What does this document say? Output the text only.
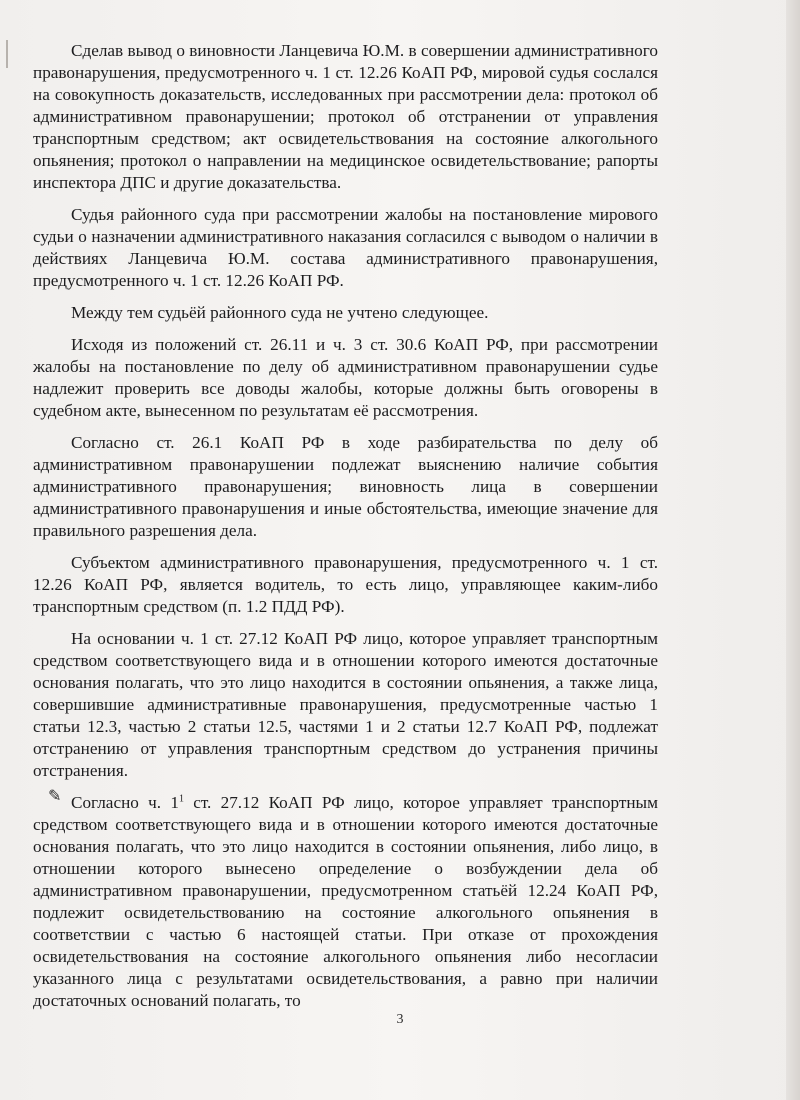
Сделав вывод о виновности Ланцевича Ю.М. в совершении административного правонарушения, предусмотренного ч. 1 ст. 12.26 КоАП РФ, мировой судья сослался на совокупность доказательств, исследованных при рассмотрении дела: протокол об административном правонарушении; протокол об отстранении от управления транспортным средством; акт освидетельствования на состояние алкогольного опьянения; протокол о направлении на медицинское освидетельствование; рапорты инспектора ДПС и другие доказательства.

Судья районного суда при рассмотрении жалобы на постановление мирового судьи о назначении административного наказания согласился с выводом о наличии в действиях Ланцевича Ю.М. состава административного правонарушения, предусмотренного ч. 1 ст. 12.26 КоАП РФ.

Между тем судьёй районного суда не учтено следующее.

Исходя из положений ст. 26.11 и ч. 3 ст. 30.6 КоАП РФ, при рассмотрении жалобы на постановление по делу об административном правонарушении судье надлежит проверить все доводы жалобы, которые должны быть оговорены в судебном акте, вынесенном по результатам её рассмотрения.

Согласно ст. 26.1 КоАП РФ в ходе разбирательства по делу об административном правонарушении подлежат выяснению наличие события административного правонарушения; виновность лица в совершении административного правонарушения и иные обстоятельства, имеющие значение для правильного разрешения дела.

Субъектом административного правонарушения, предусмотренного ч. 1 ст. 12.26 КоАП РФ, является водитель, то есть лицо, управляющее каким-либо транспортным средством (п. 1.2 ПДД РФ).

На основании ч. 1 ст. 27.12 КоАП РФ лицо, которое управляет транспортным средством соответствующего вида и в отношении которого имеются достаточные основания полагать, что это лицо находится в состоянии опьянения, а также лица, совершившие административные правонарушения, предусмотренные частью 1 статьи 12.3, частью 2 статьи 12.5, частями 1 и 2 статьи 12.7 КоАП РФ, подлежат отстранению от управления транспортным средством до устранения причины отстранения.

Согласно ч. $1^1$ ст. 27.12 КоАП РФ лицо, которое управляет транспортным средством соответствующего вида и в отношении которого имеются достаточные основания полагать, что это лицо находится в состоянии опьянения, либо лицо, в отношении которого вынесено определение о возбуждении дела об административном правонарушении, предусмотренном статьёй 12.24 КоАП РФ, подлежит освидетельствованию на состояние алкогольного опьянения в соответствии с частью 6 настоящей статьи. При отказе от прохождения освидетельствования на состояние алкогольного опьянения либо несогласии указанного лица с результатами освидетельствования, а равно при наличии достаточных оснований полагать, то

✎
3
